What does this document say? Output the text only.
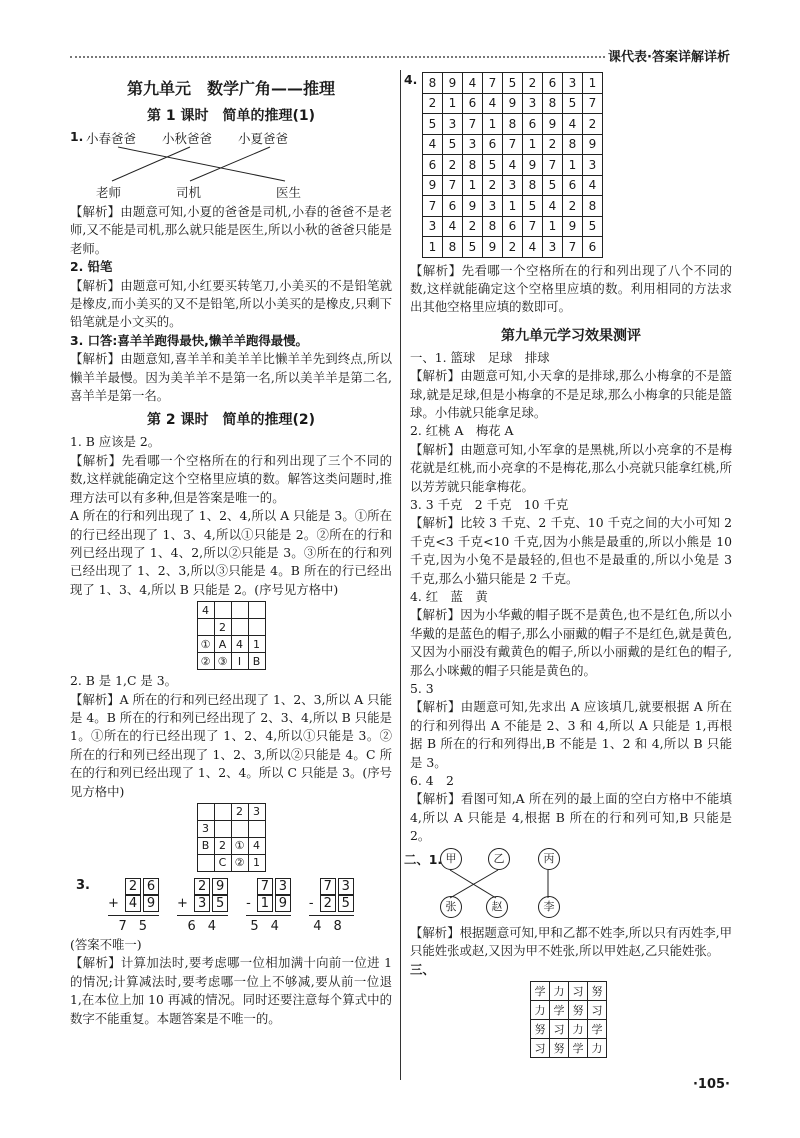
课代表·答案详解详析
第九单元　数学广角——推理
第 1 课时　简单的推理(1)
1. 小春爸爸 小秋爸爸 小夏爸爸
老师	司机	医生

【解析】由题意可知,小夏的爸爸是司机,小春的爸爸不是老师,又不能是司机,那么就只能是医生,所以小秋的爸爸只能是老师。

2. 铅笔

【解析】由题意可知,小红要买转笔刀,小美买的不是铅笔就是橡皮,而小美买的又不是铅笔,所以小美买的是橡皮,只剩下铅笔就是小文买的。

3. 口答:喜羊羊跑得最快,懒羊羊跑得最慢。

【解析】由题意知,喜羊羊和美羊羊比懒羊羊先到终点,所以懒羊羊最慢。因为美羊羊不是第一名,所以美羊羊是第二名,喜羊羊是第一名。

第 2 课时　简单的推理(2)

1. B 应该是 2。

【解析】先看哪一个空格所在的行和列出现了三个不同的数,这样就能确定这个空格里应填的数。解答这类问题时,推理方法可以有多种,但是答案是唯一的。

A 所在的行和列出现了 1、2、4,所以 A 只能是 3。①所在的行已经出现了 1、3、4,所以①只能是 2。②所在的行和列已经出现了 1、4、2,所以②只能是 3。③所在的行和列已经出现了 1、2、3,所以③只能是 4。B 所在的行已经出现了 1、3、4,所以 B 只能是 2。(序号见方格中)

4			
	2		
①	A	4	1
②	③	I	B

2. B 是 1,C 是 3。

【解析】A 所在的行和列已经出现了 1、2、3,所以 A 只能是 4。B 所在的行和列已经出现了 2、3、4,所以 B 只能是 1。①所在的行已经出现了 1、2、4,所以①只能是 3。②所在的行和列已经出现了 1、2、3,所以②只能是 4。C 所在的行和列已经出现了 1、2、4。所以 C 只能是 3。(序号见方格中)

		2	3
3			
B	2	①	4
	C	②	1
3.	2 6
+ 4 9
75
2 9
+ 3 5
64
7 3
- 1 9
54
7 3
- 2 5
48

(答案不唯一)

【解析】计算加法时,要考虑哪一位相加满十向前一位进 1 的情况;计算减法时,要考虑哪一位上不够减,要从前一位退 1,在本位上加 10 再减的情况。同时还要注意每个算式中的数字不能重复。本题答案是不唯一的。

4. 8	9	4	7	5	2	6	3	1
2	1	6	4	9	3	8	5	7
5	3	7	1	8	6	9	4	2
4	5	3	6	7	1	2	8	9
6	2	8	5	4	9	7	1	3
9	7	1	2	3	8	5	6	4
7	6	9	3	1	5	4	2	8
3	4	2	8	6	7	1	9	5
1	8	5	9	2	4	3	7	6

【解析】先看哪一个空格所在的行和列出现了八个不同的数,这样就能确定这个空格里应填的数。利用相同的方法求出其他空格里应填的数即可。

第九单元学习效果测评

一、1. 篮球　足球　排球

【解析】由题意可知,小天拿的是排球,那么小梅拿的不是篮球,就是足球,但是小梅拿的不是足球,那么小梅拿的只能是篮球。小伟就只能拿足球。

2. 红桃 A　梅花 A

【解析】由题意可知,小军拿的是黑桃,所以小亮拿的不是梅花就是红桃,而小亮拿的不是梅花,那么小亮就只能拿红桃,所以芳芳就只能拿梅花。

3. 3 千克　2 千克　10 千克

【解析】比较 3 千克、2 千克、10 千克之间的大小可知 2 千克<3 千克<10 千克,因为小熊是最重的,所以小熊是 10 千克,因为小兔不是最轻的,但也不是最重的,所以小兔是 3 千克,那么小猫只能是 2 千克。

4. 红　蓝　黄

【解析】因为小华戴的帽子既不是黄色,也不是红色,所以小华戴的是蓝色的帽子,那么小丽戴的帽子不是红色,就是黄色,又因为小丽没有戴黄色的帽子,所以小丽戴的是红色的帽子,那么小咪戴的帽子只能是黄色的。

5. 3

【解析】由题意可知,先求出 A 应该填几,就要根据 A 所在的行和列得出 A 不能是 2、3 和 4,所以 A 只能是 1,再根据 B 所在的行和列得出,B 不能是 1、2 和 4,所以 B 只能是 3。

6. 4　2

【解析】看图可知,A 所在列的最上面的空白方格中不能填 4,所以 A 只能是 4,根据 B 所在的行和列可知,B 只能是 2。

二、1. 甲	乙	丙
张	赵	李

【解析】根据题意可知,甲和乙都不姓李,所以只有丙姓李,甲只能姓张或赵,又因为甲不姓张,所以甲姓赵,乙只能姓张。

三、

学	力	习	努
力	学	努	习
努	习	力	学
习	努	学	力
·105·
